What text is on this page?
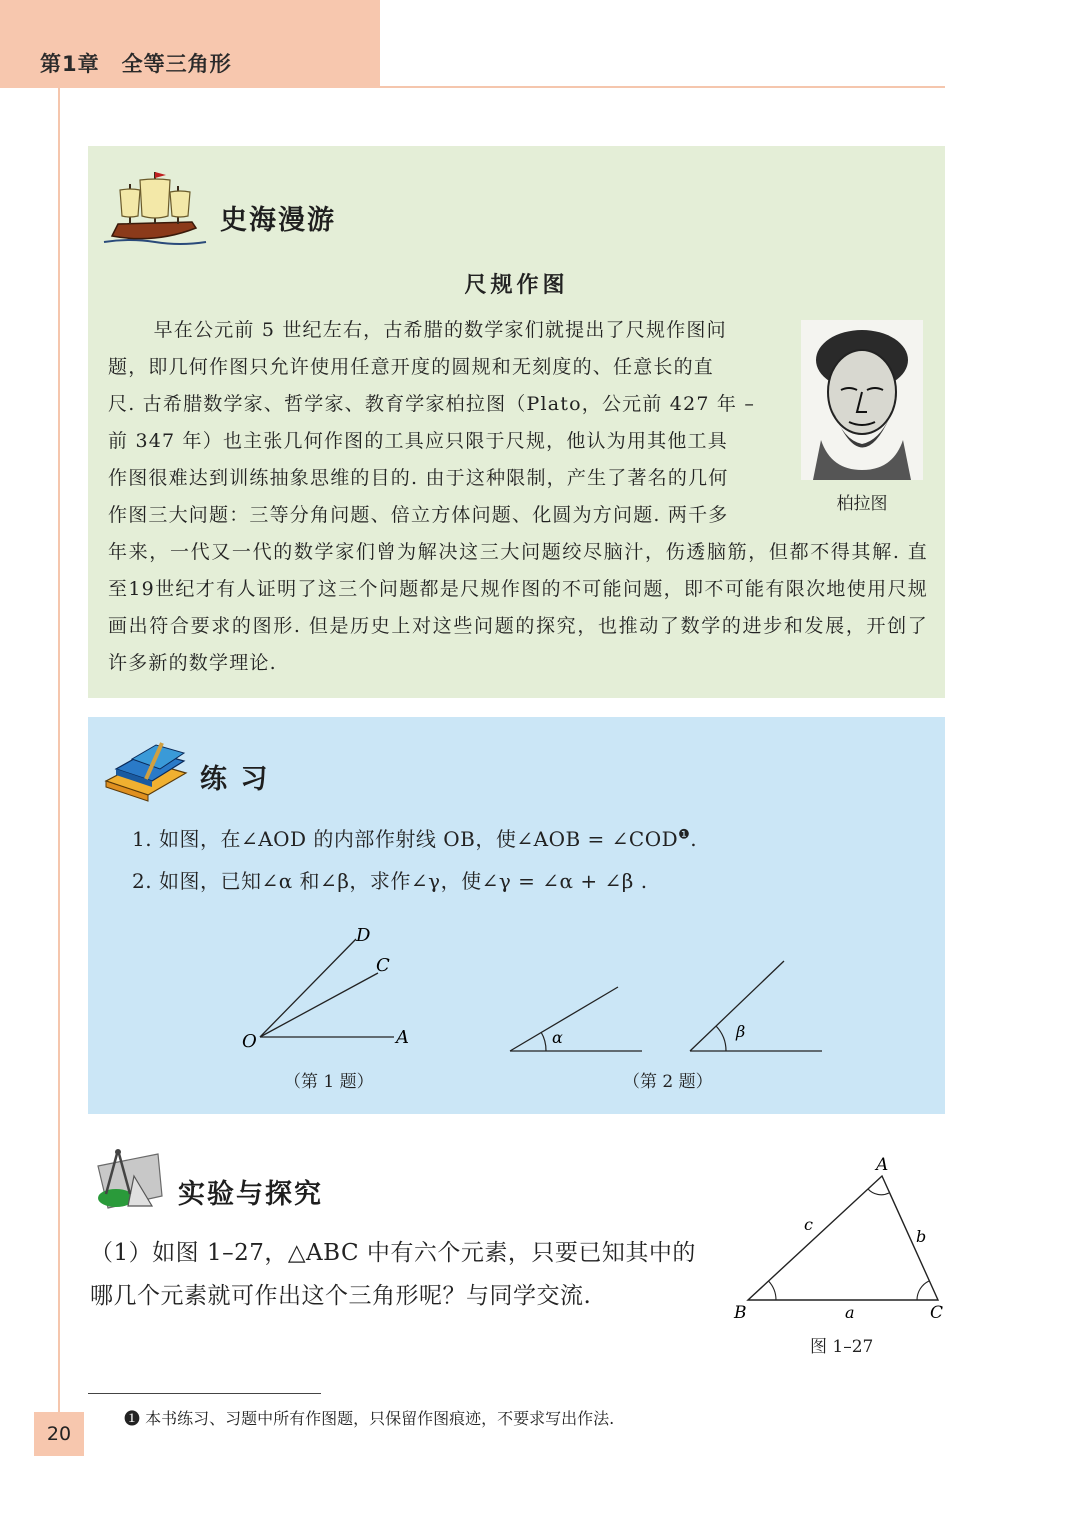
第1章 全等三角形
史海漫游
尺规作图

早在公元前 5 世纪左右，古希腊的数学家们就提出了尺规作图问

题，即几何作图只允许使用任意开度的圆规和无刻度的、任意长的直

尺. 古希腊数学家、哲学家、教育学家柏拉图（Plato，公元前 427 年 –

前 347 年）也主张几何作图的工具应只限于尺规，他认为用其他工具

作图很难达到训练抽象思维的目的. 由于这种限制，产生了著名的几何

作图三大问题：三等分角问题、倍立方体问题、化圆为方问题. 两千多

年来，一代又一代的数学家们曾为解决这三大问题绞尽脑汁，伤透脑筋，但都不得其解. 直至19世纪才有人证明了这三个问题都是尺规作图的不可能问题，即不可能有限次地使用尺规画出符合要求的图形. 但是历史上对这些问题的探究，也推动了数学的进步和发展，开创了许多新的数学理论.
柏拉图
练 习
1. 如图，在∠AOD 的内部作射线 OB，使∠AOB = $\angle COD^❶$.
2. 如图，已知∠α 和∠β，求作∠γ，使∠γ = ∠α + ∠β .
D
C
O	A
（第 1 题）
α	β
（第 2 题）
实验与探究
（1）如图 1–27，△ABC 中有六个元素，只要已知其中的哪几个元素就可作出这个三角形呢？与同学交流.
A
B	C
a
b
c
图 1–27
❶ 本书练习、习题中所有作图题，只保留作图痕迹，不要求写出作法.
20
